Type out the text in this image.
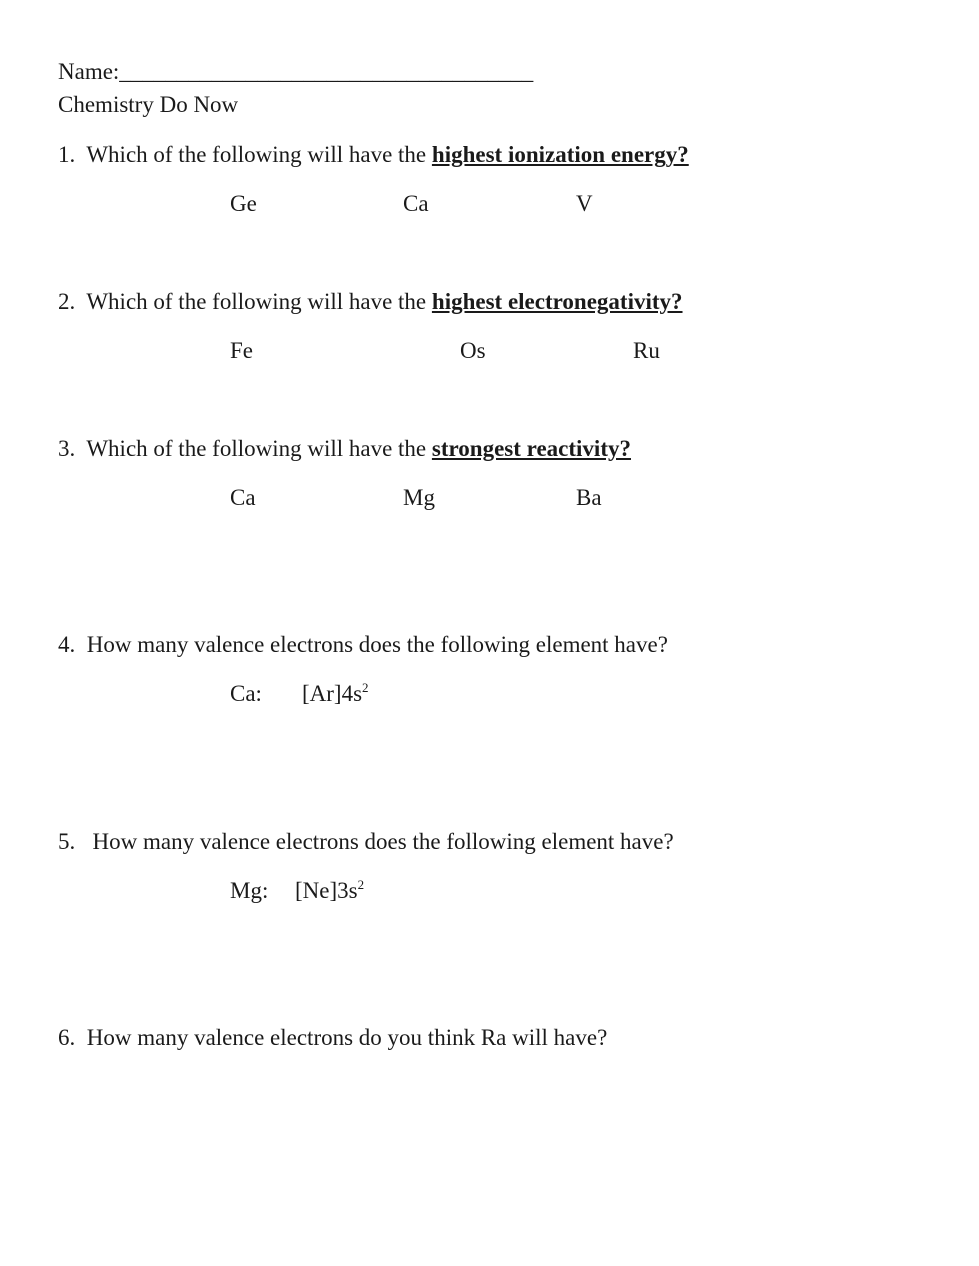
Name:____________________________________
Chemistry Do Now
1. Which of the following will have the highest ionization energy?
Ge	Ca	V
2. Which of the following will have the highest electronegativity?
Fe	Os	Ru
3. Which of the following will have the strongest reactivity?
Ca	Mg	Ba
4. How many valence electrons does the following element have?
Ca: $[Ar]4s^2$
5. How many valence electrons does the following element have?
Mg: $[Ne]3s^2$
6. How many valence electrons do you think Ra will have?
